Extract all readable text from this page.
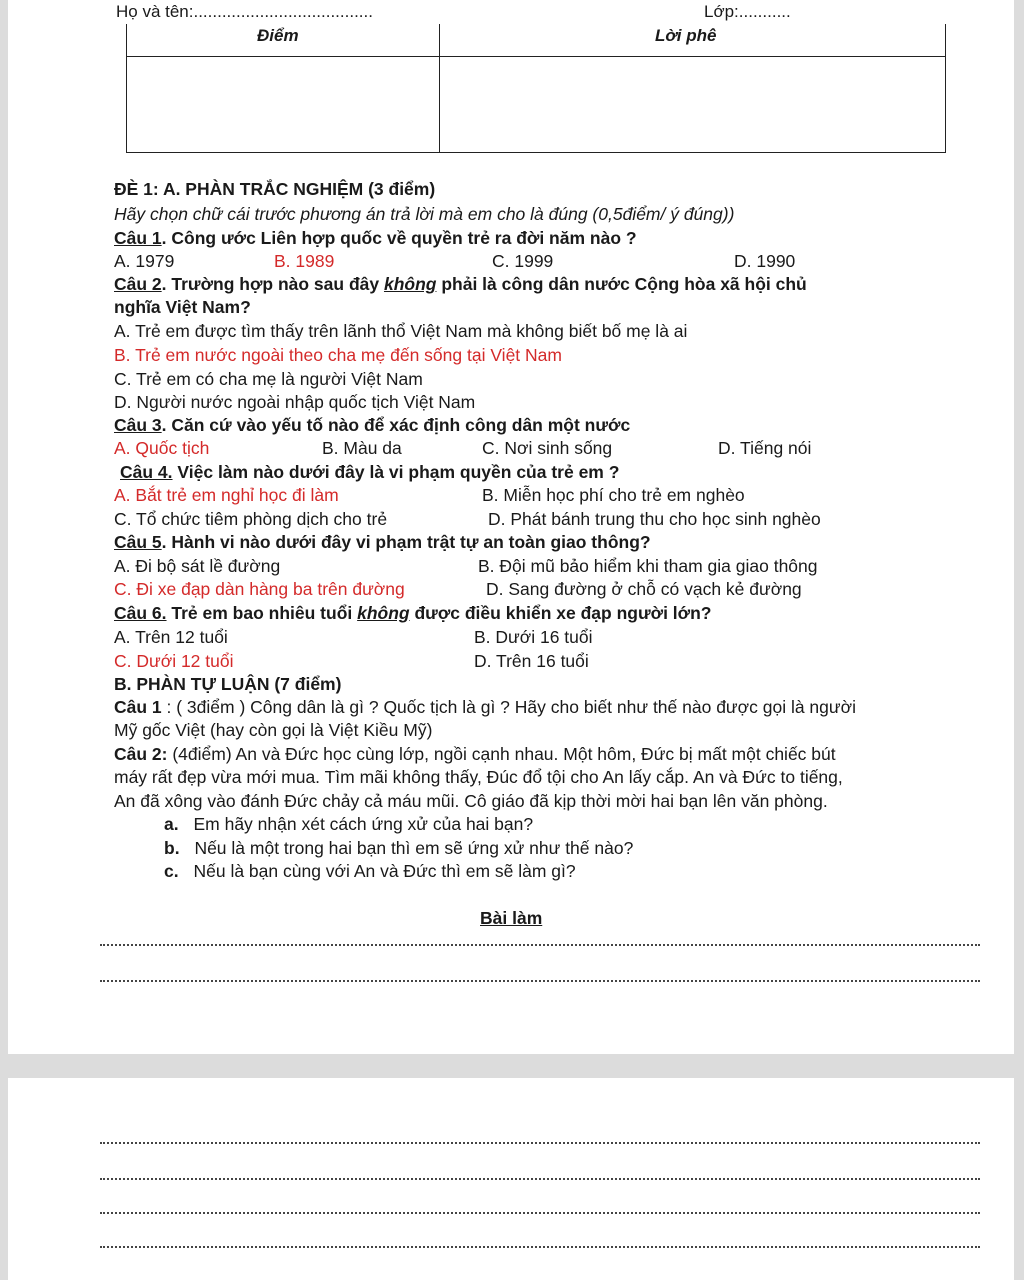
Họ và tên:......................................	Lớp:...........
Điểm	Lời phê
ĐÈ 1: A. PHÀN TRẮC NGHIỆM (3 điểm)
Hãy chọn chữ cái trước phương án trả lời mà em cho là đúng (0,5điểm/ ý đúng))
Câu 1. Công ước Liên hợp quốc về quyền trẻ ra đời năm nào ?
A. 1979	B. 1989	C. 1999	D. 1990
Câu 2. Trường hợp nào sau đây không phải là công dân nước Cộng hòa xã hội chủ
nghĩa Việt Nam?
A. Trẻ em được tìm thấy trên lãnh thổ Việt Nam mà không biết bố mẹ là ai
B. Trẻ em nước ngoài theo cha mẹ đến sống tại Việt Nam
C. Trẻ em có cha mẹ là người Việt Nam
D. Người nước ngoài nhập quốc tịch Việt Nam
Câu 3. Căn cứ vào yếu tố nào để xác định công dân một nước
A. Quốc tịch	B. Màu da	C. Nơi sinh sống	D. Tiếng nói
Câu 4. Việc làm nào dưới đây là vi phạm quyền của trẻ em ?
A. Bắt trẻ em nghỉ học đi làm	B. Miễn học phí cho trẻ em nghèo
C. Tổ chức tiêm phòng dịch cho trẻ	D. Phát bánh trung thu cho học sinh nghèo
Câu 5. Hành vi nào dưới đây vi phạm trật tự an toàn giao thông?
A. Đi bộ sát lề đường	B. Đội mũ bảo hiểm khi tham gia giao thông
C. Đi xe đạp dàn hàng ba trên đường	D. Sang đường ở chỗ có vạch kẻ đường
Câu 6. Trẻ em bao nhiêu tuổi không được điều khiển xe đạp người lớn?
A. Trên 12 tuổi	B. Dưới 16 tuổi
C. Dưới 12 tuổi	D. Trên 16 tuổi
B. PHÀN TỰ LUẬN (7 điểm)
Câu 1 : ( 3điểm ) Công dân là gì ? Quốc tịch là gì ? Hãy cho biết như thế nào được gọi là người
Mỹ gốc Việt (hay còn gọi là Việt Kiều Mỹ)
Câu 2: (4điểm) An và Đức học cùng lớp, ngồi cạnh nhau. Một hôm, Đức bị mất một chiếc bút
máy rất đẹp vừa mới mua. Tìm mãi không thấy, Đúc đổ tội cho An lấy cắp. An và Đức to tiếng,
An đã xông vào đánh Đức chảy cả máu mũi. Cô giáo đã kịp thời mời hai bạn lên văn phòng.
a. Em hãy nhận xét cách ứng xử của hai bạn?
b. Nếu là một trong hai bạn thì em sẽ ứng xử như thế nào?
c. Nếu là bạn cùng với An và Đức thì em sẽ làm gì?
Bài làm
